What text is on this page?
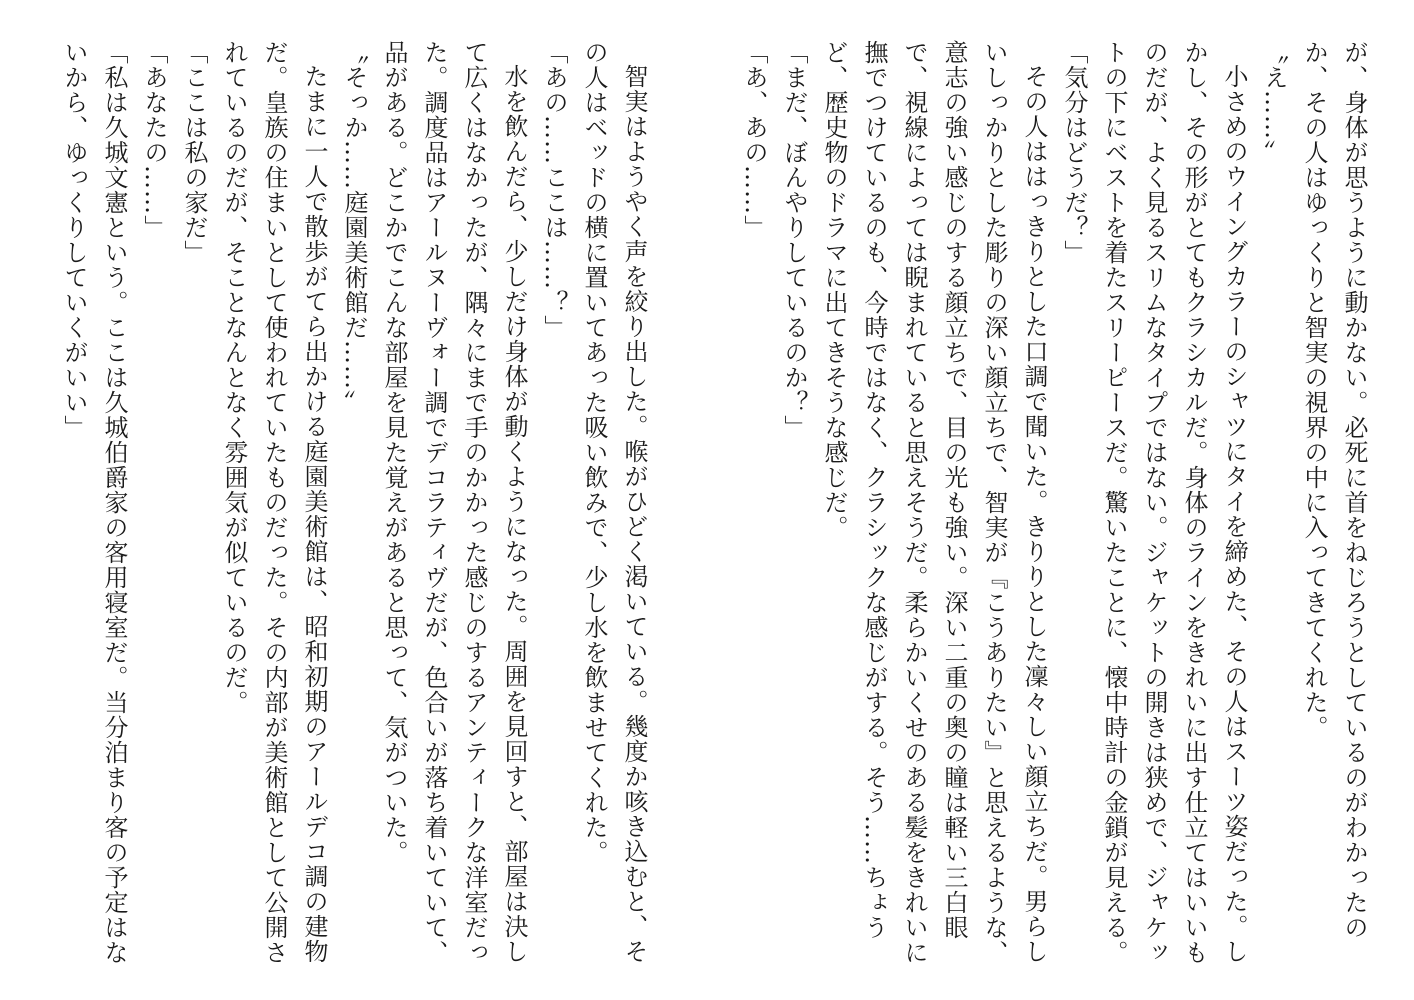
が、身体が思うように動かない。必死に首をねじろうとしているのがわかったのか、その人はゆっくりと智実の視界の中に入ってきてくれた。

〝え……〟

小さめのウイングカラーのシャツにタイを締めた、その人はスーツ姿だった。しかし、その形がとてもクラシカルだ。身体のラインをきれいに出す仕立てはいいものだが、よく見るスリムなタイプではない。ジャケットの開きは狭めで、ジャケットの下にベストを着たスリーピースだ。驚いたことに、懐中時計の金鎖が見える。

「気分はどうだ？」

その人ははっきりとした口調で聞いた。きりりとした凜々しい顔立ちだ。男らしいしっかりとした彫りの深い顔立ちで、智実が『こうありたい』と思えるような、意志の強い感じのする顔立ちで、目の光も強い。深い二重の奥の瞳は軽い三白眼で、視線によっては睨まれていると思えそうだ。柔らかいくせのある髪をきれいに撫でつけているのも、今時ではなく、クラシックな感じがする。そう……ちょうど、歴史物のドラマに出てきそうな感じだ。

「まだ、ぼんやりしているのか？」

「あ、あの……」

智実はようやく声を絞り出した。喉がひどく渇いている。幾度か咳き込むと、その人はベッドの横に置いてあった吸い飲みで、少し水を飲ませてくれた。

「あの……ここは……？」

水を飲んだら、少しだけ身体が動くようになった。周囲を見回すと、部屋は決して広くはなかったが、隅々にまで手のかかった感じのするアンティークな洋室だった。調度品はアールヌーヴォー調でデコラティヴだが、色合いが落ち着いていて、品がある。どこかでこんな部屋を見た覚えがあると思って、気がついた。

〝そっか……庭園美術館だ……〟

たまに一人で散歩がてら出かける庭園美術館は、昭和初期のアールデコ調の建物だ。皇族の住まいとして使われていたものだった。その内部が美術館として公開されているのだが、そことなんとなく雰囲気が似ているのだ。

「ここは私の家だ」

「あなたの……」

「私は久城文憲という。ここは久城伯爵家の客用寝室だ。当分泊まり客の予定はないから、ゆっくりしていくがいい」
